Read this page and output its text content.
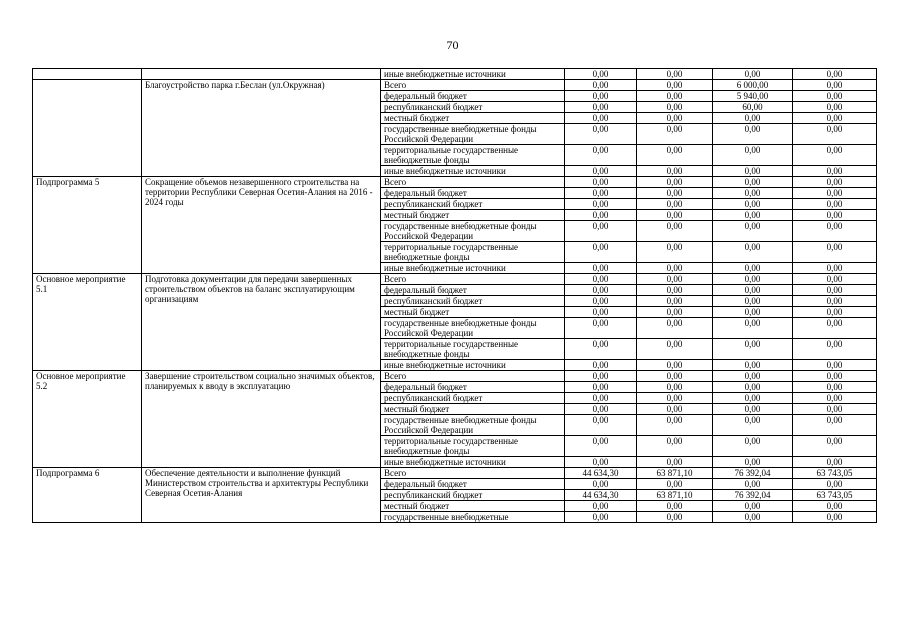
70
		иные внебюджетные источники	0,00	0,00	0,00	0,00
	Благоустройство парка г.Беслан (ул.Окружная)	Всего	0,00	0,00	6 000,00	0,00
		федеральный бюджет	0,00	0,00	5 940,00	0,00
		республиканский бюджет	0,00	0,00	60,00	0,00
		местный бюджет	0,00	0,00	0,00	0,00
		государственные внебюджетные фонды Российской Федерации	0,00	0,00	0,00	0,00
		территориальные государственные внебюджетные фонды	0,00	0,00	0,00	0,00
		иные внебюджетные источники	0,00	0,00	0,00	0,00
Подпрограмма 5	Сокращение объемов незавершенного строительства на территории Республики Северная Осетия-Алания на 2016 - 2024 годы	Всего	0,00	0,00	0,00	0,00
		федеральный бюджет	0,00	0,00	0,00	0,00
		республиканский бюджет	0,00	0,00	0,00	0,00
		местный бюджет	0,00	0,00	0,00	0,00
		государственные внебюджетные фонды Российской Федерации	0,00	0,00	0,00	0,00
		территориальные государственные внебюджетные фонды	0,00	0,00	0,00	0,00
		иные внебюджетные источники	0,00	0,00	0,00	0,00
Основное мероприятие 5.1	Подготовка документации для передачи завершенных строительством объектов на баланс эксплуатирующим организациям	Всего	0,00	0,00	0,00	0,00
		федеральный бюджет	0,00	0,00	0,00	0,00
		республиканский бюджет	0,00	0,00	0,00	0,00
		местный бюджет	0,00	0,00	0,00	0,00
		государственные внебюджетные фонды Российской Федерации	0,00	0,00	0,00	0,00
		территориальные государственные внебюджетные фонды	0,00	0,00	0,00	0,00
		иные внебюджетные источники	0,00	0,00	0,00	0,00
Основное мероприятие 5.2	Завершение строительством социально значимых объектов, планируемых к вводу в эксплуатацию	Всего	0,00	0,00	0,00	0,00
		федеральный бюджет	0,00	0,00	0,00	0,00
		республиканский бюджет	0,00	0,00	0,00	0,00
		местный бюджет	0,00	0,00	0,00	0,00
		государственные внебюджетные фонды Российской Федерации	0,00	0,00	0,00	0,00
		территориальные государственные внебюджетные фонды	0,00	0,00	0,00	0,00
		иные внебюджетные источники	0,00	0,00	0,00	0,00
Подпрограмма 6	Обеспечение деятельности и выполнение функций Министерством строительства и архитектуры Республики Северная Осетия-Алания	Всего	44 634,30	63 871,10	76 392,04	63 743,05
		федеральный бюджет	0,00	0,00	0,00	0,00
		республиканский бюджет	44 634,30	63 871,10	76 392,04	63 743,05
		местный бюджет	0,00	0,00	0,00	0,00
		государственные внебюджетные	0,00	0,00	0,00	0,00
